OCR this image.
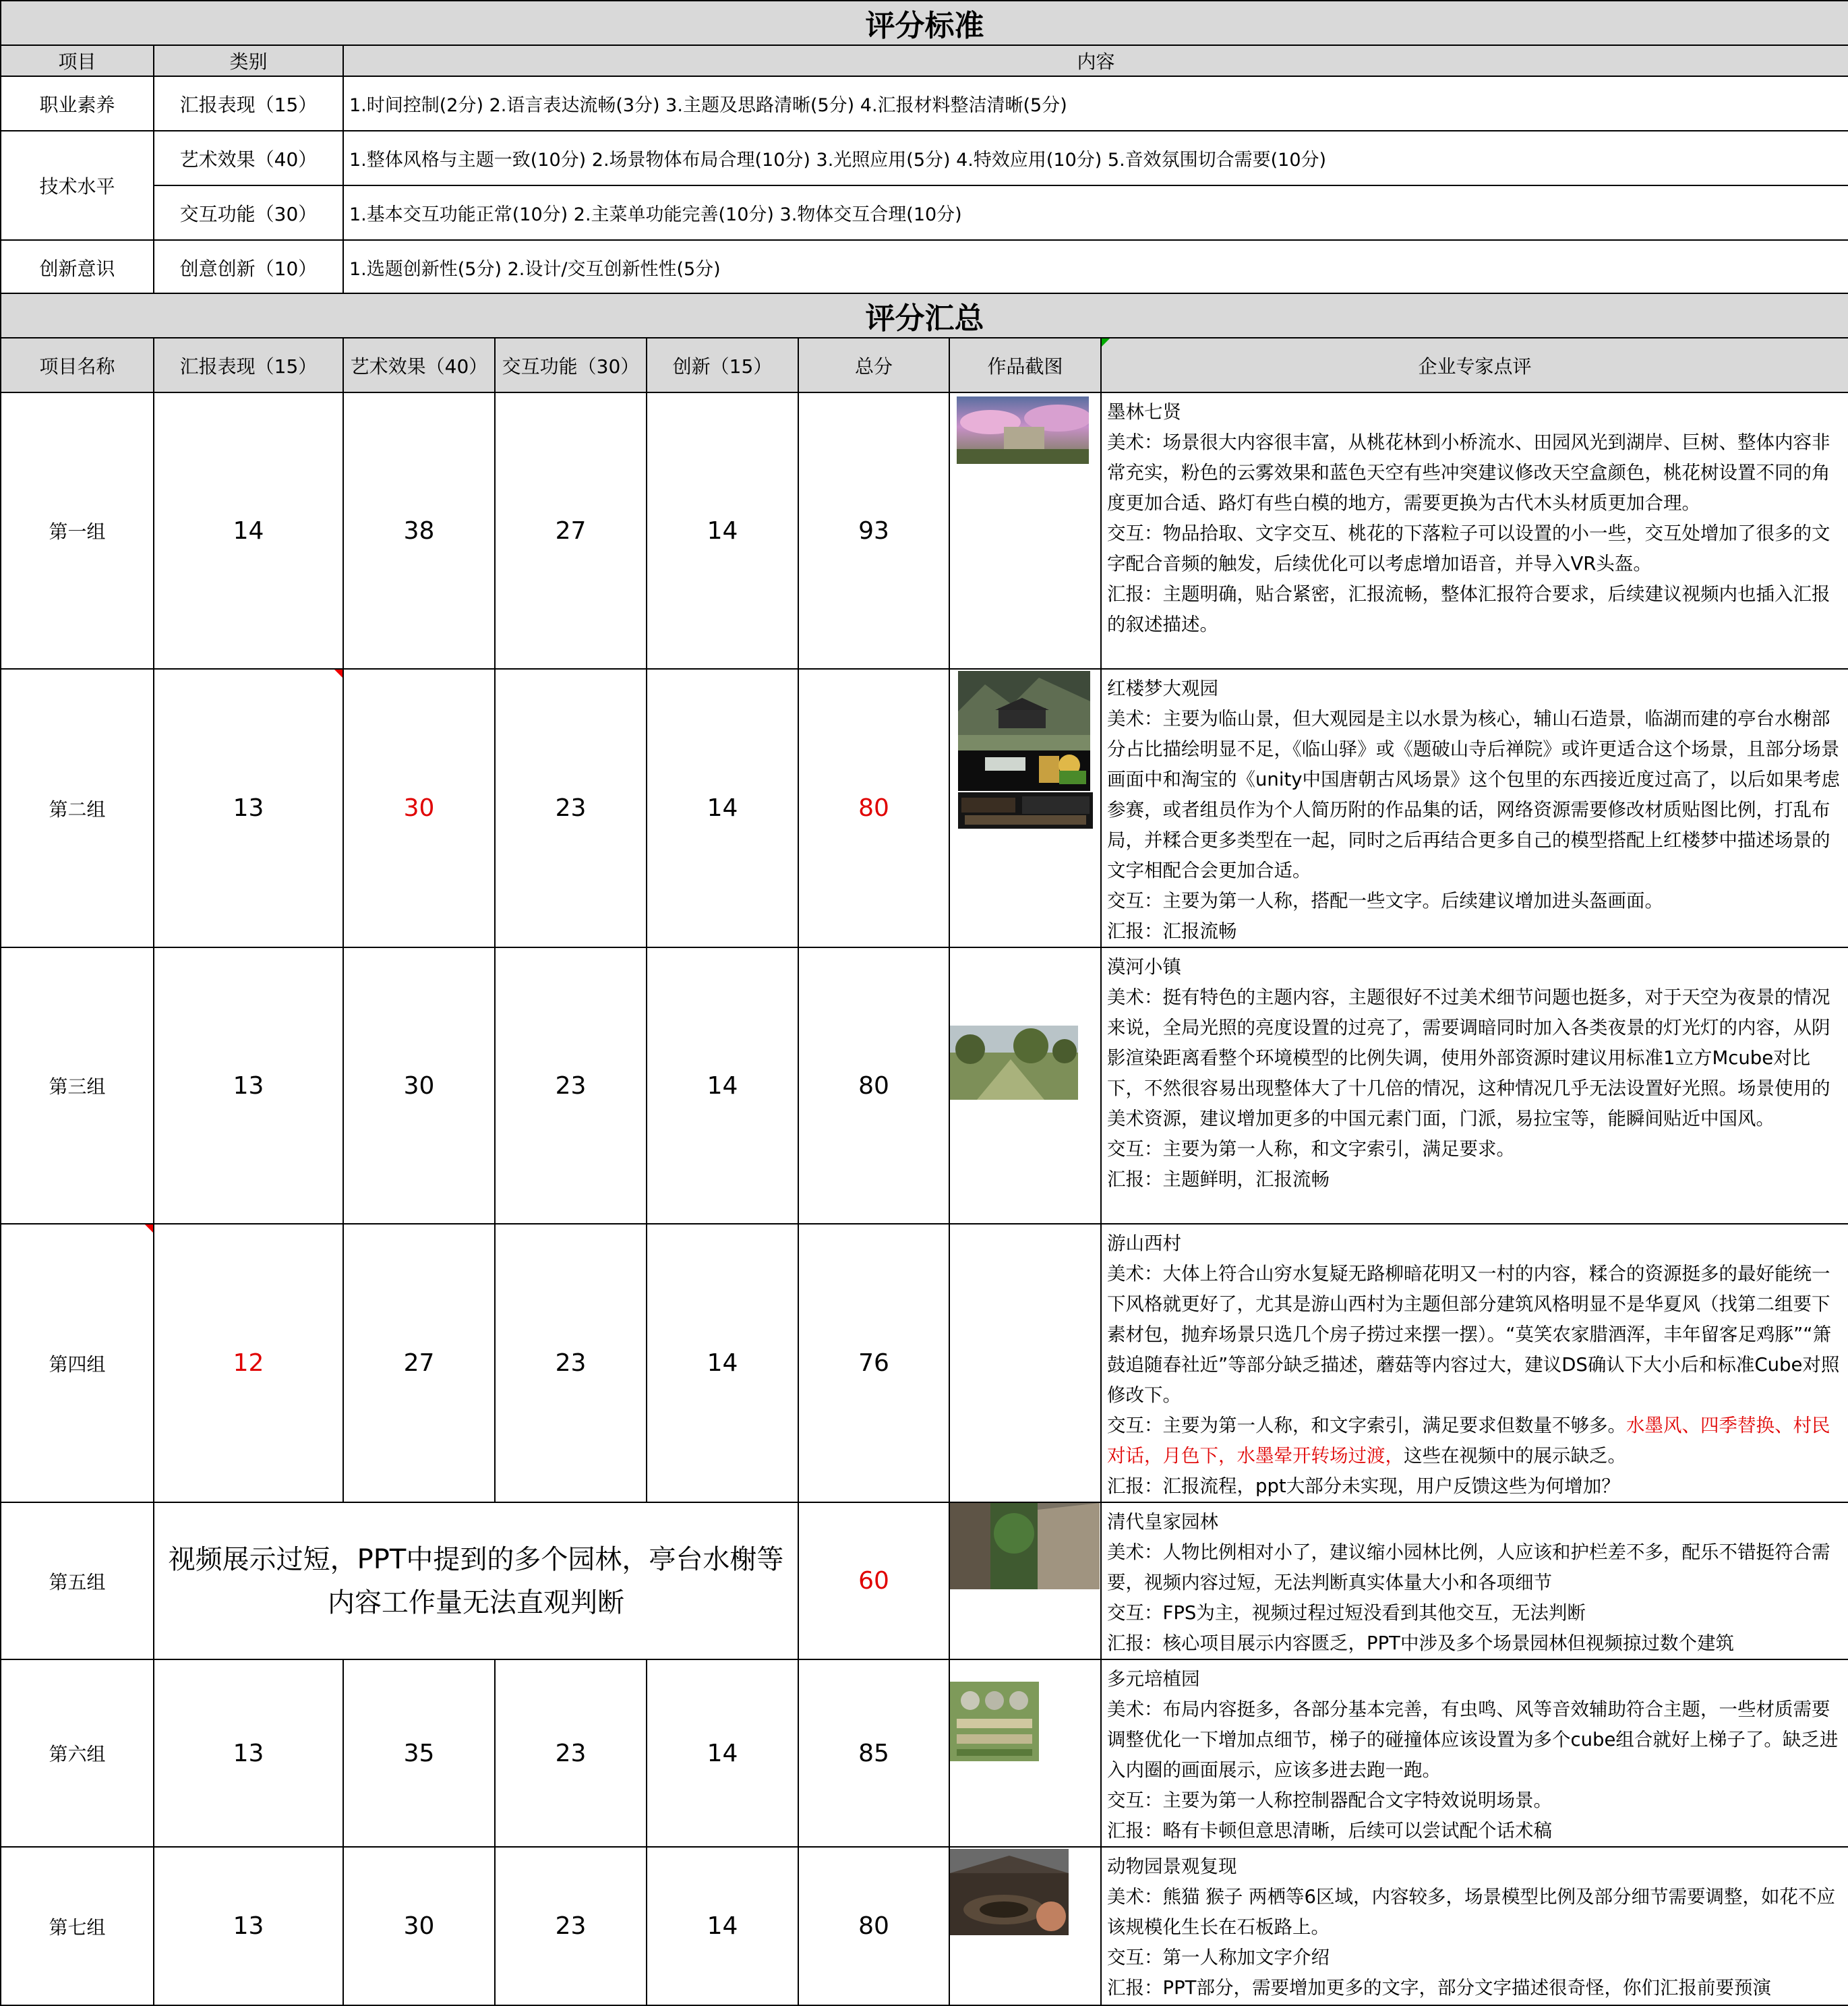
评分标准		
项目	类别	内容
职业素养	汇报表现（15）	1.时间控制(2分) 2.语言表达流畅(3分) 3.主题及思路清晰(5分) 4.汇报材料整洁清晰(5分)
技术水平	艺术效果（40）	1.整体风格与主题一致(10分) 2.场景物体布局合理(10分) 3.光照应用(5分) 4.特效应用(10分) 5.音效氛围切合需要(10分)
	交互功能（30）	1.基本交互功能正常(10分) 2.主菜单功能完善(10分) 3.物体交互合理(10分)
创新意识	创意创新（10）	1.选题创新性(5分) 2.设计/交互创新性性(5分)
评分汇总							
项目名称	汇报表现（15）	艺术效果（40）	交互功能（30）	创新（15）	总分	作品截图	企业专家点评

第一组	14	38	27	14	93		墨林七贤
美术：场景很大内容很丰富，从桃花林到小桥流水、田园风光到湖岸、巨树、整体内容非常充实，粉色的云雾效果和蓝色天空有些冲突建议修改天空盒颜色，桃花树设置不同的角度更加合适、路灯有些白模的地方，需要更换为古代木头材质更加合理。
交互：物品拾取、文字交互、桃花的下落粒子可以设置的小一些，交互处增加了很多的文字配合音频的触发，后续优化可以考虑增加语音，并导入VR头盔。
汇报：主题明确，贴合紧密，汇报流畅，整体汇报符合要求，后续建议视频内也插入汇报的叙述描述。

第二组	13	30	23	14	80		红楼梦大观园
美术：主要为临山景，但大观园是主以水景为核心，辅山石造景，临湖而建的亭台水榭部分占比描绘明显不足，《临山驿》或《题破山寺后禅院》或许更适合这个场景，且部分场景画面中和淘宝的《unity中国唐朝古风场景》这个包里的东西接近度过高了，以后如果考虑参赛，或者组员作为个人简历附的作品集的话，网络资源需要修改材质贴图比例，打乱布局，并糅合更多类型在一起，同时之后再结合更多自己的模型搭配上红楼梦中描述场景的文字相配合会更加合适。
交互：主要为第一人称，搭配一些文字。后续建议增加进头盔画面。
汇报：汇报流畅

第三组	13	30	23	14	80		漠河小镇
美术：挺有特色的主题内容，主题很好不过美术细节问题也挺多，对于天空为夜景的情况来说，全局光照的亮度设置的过亮了，需要调暗同时加入各类夜景的灯光灯的内容，从阴影渲染距离看整个环境模型的比例失调，使用外部资源时建议用标准1立方Mcube对比下，不然很容易出现整体大了十几倍的情况，这种情况几乎无法设置好光照。场景使用的美术资源，建议增加更多的中国元素门面，门派，易拉宝等，能瞬间贴近中国风。
交互：主要为第一人称，和文字索引，满足要求。
汇报：主题鲜明，汇报流畅

第四组	12	27	23	14	76		游山西村
美术：大体上符合山穷水复疑无路柳暗花明又一村的内容，糅合的资源挺多的最好能统一下风格就更好了，尤其是游山西村为主题但部分建筑风格明显不是华夏风（找第二组要下素材包，抛弃场景只选几个房子捞过来摆一摆）。“莫笑农家腊酒浑，丰年留客足鸡豚”“箫鼓追随春社近”等部分缺乏描述，蘑菇等内容过大，建议DS确认下大小后和标准Cube对照修改下。
交互：主要为第一人称，和文字索引，满足要求但数量不够多。水墨风、四季替换、村民对话，月色下，水墨晕开转场过渡，这些在视频中的展示缺乏。
汇报：汇报流程，ppt大部分未实现，用户反馈这些为何增加？

第五组	视频展示过短，PPT中提到的多个园林，亭台水榭等内容工作量无法直观判断				60		清代皇家园林
美术：人物比例相对小了，建议缩小园林比例，人应该和护栏差不多，配乐不错挺符合需要，视频内容过短，无法判断真实体量大小和各项细节
交互：FPS为主，视频过程过短没看到其他交互，无法判断
汇报：核心项目展示内容匮乏，PPT中涉及多个场景园林但视频掠过数个建筑

第六组	13	35	23	14	85		多元培植园
美术：布局内容挺多，各部分基本完善，有虫鸣、风等音效辅助符合主题，一些材质需要调整优化一下增加点细节，梯子的碰撞体应该设置为多个cube组合就好上梯子了。缺乏进入内圈的画面展示，应该多进去跑一跑。
交互：主要为第一人称控制器配合文字特效说明场景。
汇报：略有卡顿但意思清晰，后续可以尝试配个话术稿

第七组	13	30	23	14	80		动物园景观复现
美术：熊猫 猴子 两栖等6区域，内容较多，场景模型比例及部分细节需要调整，如花不应该规模化生长在石板路上。
交互：第一人称加文字介绍
汇报：PPT部分，需要增加更多的文字，部分文字描述很奇怪，你们汇报前要预演
